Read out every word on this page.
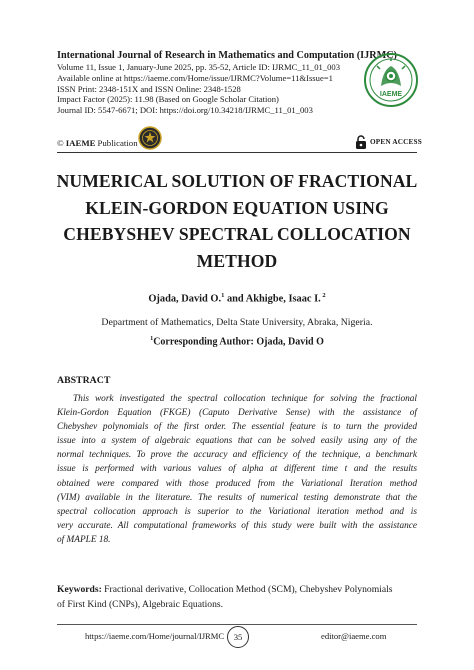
International Journal of Research in Mathematics and Computation (IJRMC)
Volume 11, Issue 1, January-June 2025, pp. 35-52, Article ID: IJRMC_11_01_003
Available online at https://iaeme.com/Home/issue/IJRMC?Volume=11&Issue=1
ISSN Print: 2348-151X and ISSN Online: 2348-1528
Impact Factor (2025): 11.98 (Based on Google Scholar Citation)
Journal ID: 5547-6671; DOI: https://doi.org/10.34218/IJRMC_11_01_003
IAEME
© IAEME Publication	OPEN ACCESS
NUMERICAL SOLUTION OF FRACTIONAL
KLEIN-GORDON EQUATION USING
CHEBYSHEV SPECTRAL COLLOCATION
METHOD
Ojada, David O.$^1$ and Akhigbe, Isaac I. $^2$
Department of Mathematics, Delta State University, Abraka, Nigeria.
$^1$Corresponding Author: Ojada, David O
ABSTRACT
This work investigated the spectral collocation technique for solving the fractional
Klein-Gordon Equation (FKGE) (Caputo Derivative Sense) with the assistance of
Chebyshev polynomials of the first order. The essential feature is to turn the provided
issue into a system of algebraic equations that can be solved easily using any of the
normal techniques. To prove the accuracy and efficiency of the technique, a benchmark
issue is performed with various values of alpha at different time t and the results
obtained were compared with those produced from the Variational Iteration method
(VIM) available in the literature. The results of numerical testing demonstrate that the
spectral collocation approach is superior to the Variational iteration method and is
very accurate. All computational frameworks of this study were built with the assistance
of MAPLE 18.
Keywords: Fractional derivative, Collocation Method (SCM), Chebyshev Polynomials
of First Kind (CNPs), Algebraic Equations.
https://iaeme.com/Home/journal/IJRMC	35	editor@iaeme.com
